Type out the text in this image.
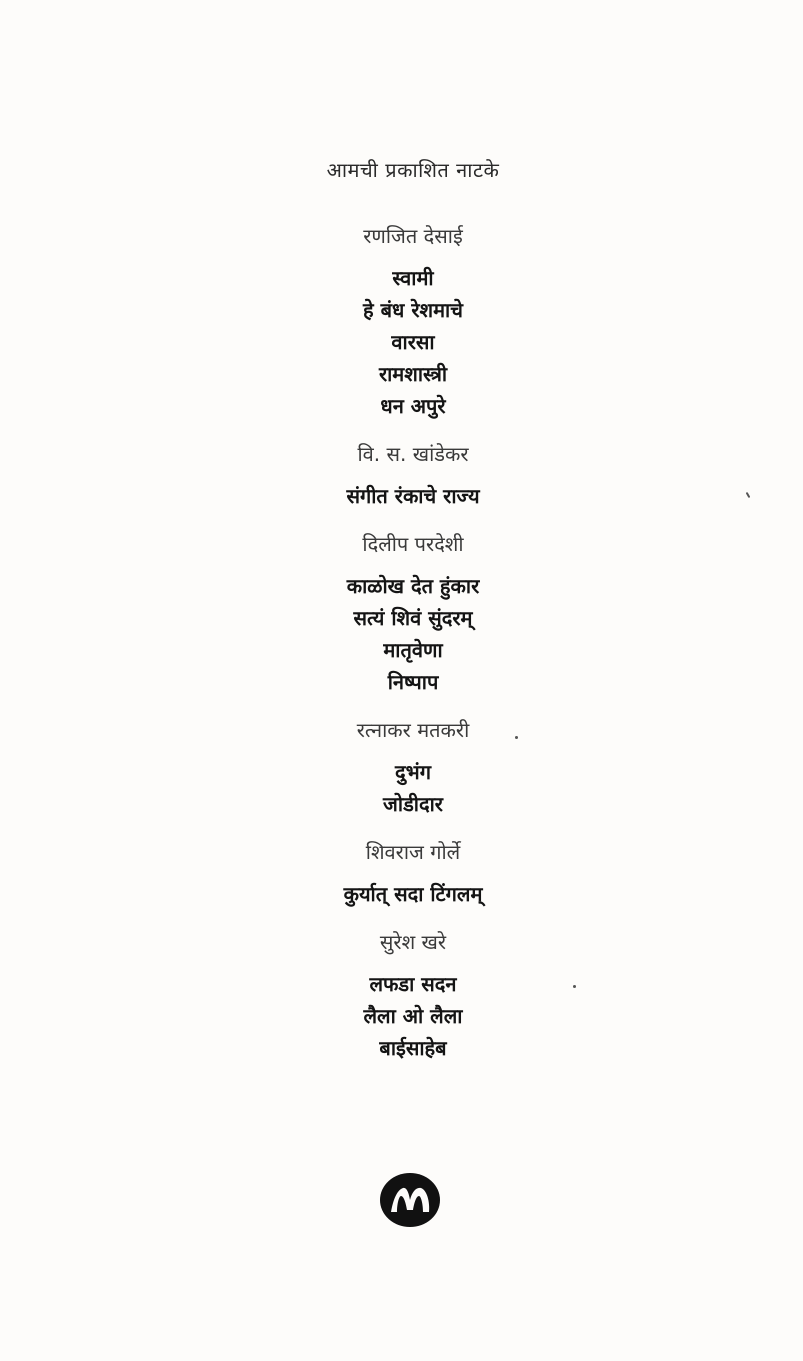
आमची प्रकाशित नाटके
रणजित देसाई
स्वामी
हे बंध रेशमाचे
वारसा
रामशास्त्री
धन अपुरे
वि. स. खांडेकर
संगीत रंकाचे राज्य
दिलीप परदेशी
काळोख देत हुंकार
सत्यं शिवं सुंदरम्
मातृवेणा
निष्पाप
रत्नाकर मतकरी
दुभंग
जोडीदार
शिवराज गोर्ले
कुर्यात् सदा टिंगलम्
सुरेश खरे
लफडा सदन
लैला ओ लैला
बाईसाहेब
